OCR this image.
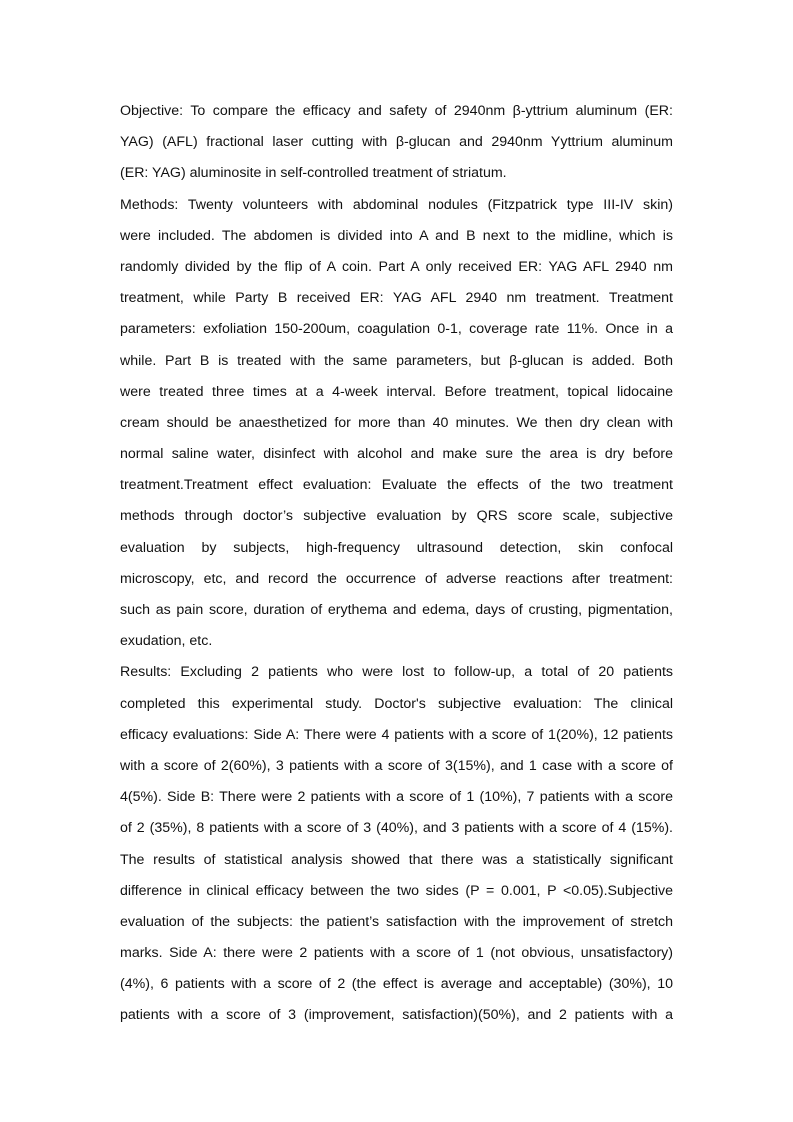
Objective: To compare the efficacy and safety of 2940nm β-yttrium aluminum (ER:
YAG) (AFL) fractional laser cutting with β-glucan and 2940nm Yyttrium aluminum
(ER: YAG) aluminosite in self-controlled treatment of striatum.
Methods: Twenty volunteers with abdominal nodules (Fitzpatrick type III-IV skin)
were included. The abdomen is divided into A and B next to the midline, which is
randomly divided by the flip of A coin. Part A only received ER: YAG AFL 2940 nm
treatment, while Party B received ER: YAG AFL 2940 nm treatment. Treatment
parameters: exfoliation 150-200um, coagulation 0-1, coverage rate 11%. Once in a
while. Part B is treated with the same parameters, but β-glucan is added. Both
were treated three times at a 4-week interval. Before treatment, topical lidocaine
cream should be anaesthetized for more than 40 minutes. We then dry clean with
normal saline water, disinfect with alcohol and make sure the area is dry before
treatment.Treatment effect evaluation: Evaluate the effects of the two treatment
methods through doctor’s subjective evaluation by QRS score scale, subjective
evaluation by subjects, high-frequency ultrasound detection, skin confocal
microscopy, etc, and record the occurrence of adverse reactions after treatment:
such as pain score, duration of erythema and edema, days of crusting, pigmentation,
exudation, etc.
Results: Excluding 2 patients who were lost to follow-up, a total of 20 patients
completed this experimental study. Doctor's subjective evaluation: The clinical
efficacy evaluations: Side A: There were 4 patients with a score of 1(20%), 12 patients
with a score of 2(60%), 3 patients with a score of 3(15%), and 1 case with a score of
4(5%). Side B: There were 2 patients with a score of 1 (10%), 7 patients with a score
of 2 (35%), 8 patients with a score of 3 (40%), and 3 patients with a score of 4 (15%).
The results of statistical analysis showed that there was a statistically significant
difference in clinical efficacy between the two sides (P = 0.001, P <0.05).Subjective
evaluation of the subjects: the patient’s satisfaction with the improvement of stretch
marks. Side A: there were 2 patients with a score of 1 (not obvious, unsatisfactory)
(4%), 6 patients with a score of 2 (the effect is average and acceptable) (30%), 10
patients with a score of 3 (improvement, satisfaction)(50%), and 2 patients with a
